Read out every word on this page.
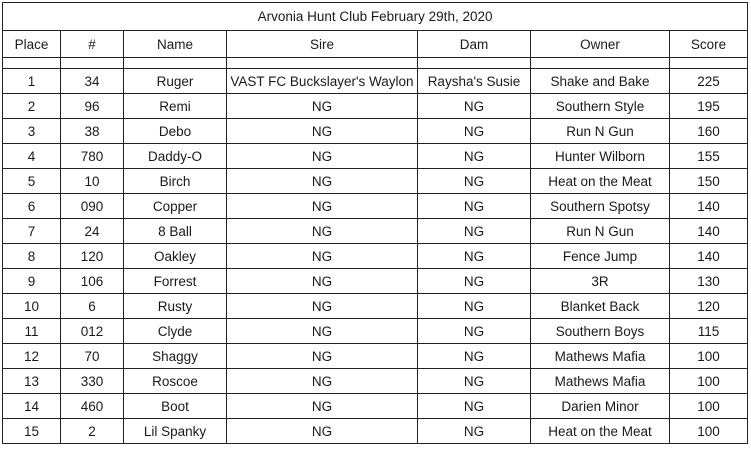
Arvonia Hunt Club February 29th, 2020						
Place	#	Name	Sire	Dam	Owner	Score

1	34	Ruger	VAST FC Buckslayer's Waylon	Raysha's Susie	Shake and Bake	225
2	96	Remi	NG	NG	Southern Style	195
3	38	Debo	NG	NG	Run N Gun	160
4	780	Daddy-O	NG	NG	Hunter Wilborn	155
5	10	Birch	NG	NG	Heat on the Meat	150
6	090	Copper	NG	NG	Southern Spotsy	140
7	24	8 Ball	NG	NG	Run N Gun	140
8	120	Oakley	NG	NG	Fence Jump	140
9	106	Forrest	NG	NG	3R	130
10	6	Rusty	NG	NG	Blanket Back	120
11	012	Clyde	NG	NG	Southern Boys	115
12	70	Shaggy	NG	NG	Mathews Mafia	100
13	330	Roscoe	NG	NG	Mathews Mafia	100
14	460	Boot	NG	NG	Darien Minor	100
15	2	Lil Spanky	NG	NG	Heat on the Meat	100
